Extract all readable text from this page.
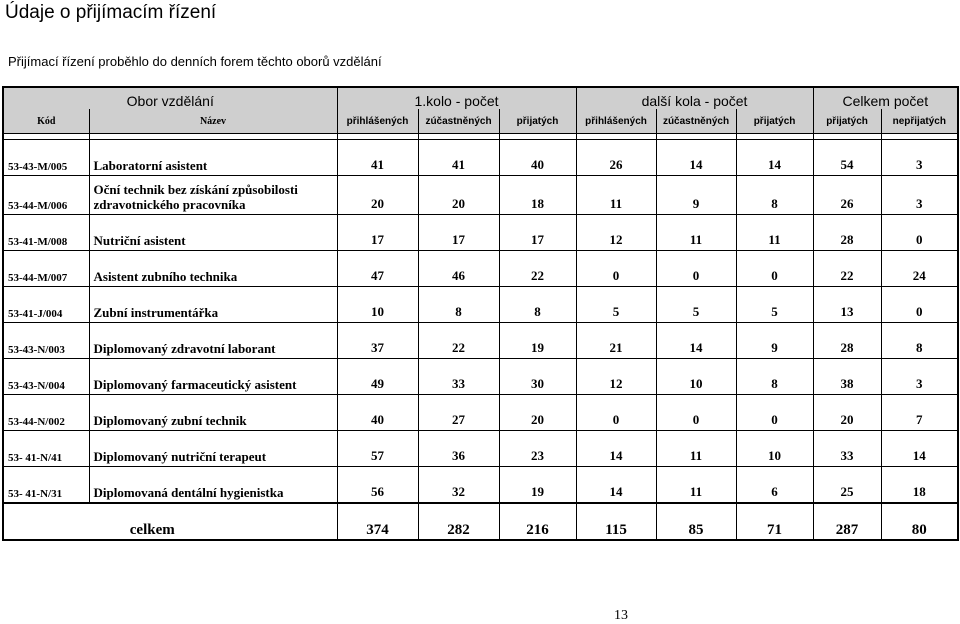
Údaje o přijímacím řízení
Přijímací řízení proběhlo do denních forem těchto oborů vzdělání
Obor vzdělání		1.kolo - počet			další kola - počet			Celkem počet	
Kód	Název	přihlášených	zúčastněných	přijatých	přihlášených	zúčastněných	přijatých	přijatých	nepřijatých

53-43-M/005	Laboratorní asistent	41	41	40	26	14	14	54	3
53-44-M/006	Oční technik bez získání způsobilosti zdravotnického pracovníka	20	20	18	11	9	8	26	3
53-41-M/008	Nutriční asistent	17	17	17	12	11	11	28	0
53-44-M/007	Asistent zubního technika	47	46	22	0	0	0	22	24
53-41-J/004	Zubní instrumentářka	10	8	8	5	5	5	13	0
53-43-N/003	Diplomovaný zdravotní laborant	37	22	19	21	14	9	28	8
53-43-N/004	Diplomovaný farmaceutický asistent	49	33	30	12	10	8	38	3
53-44-N/002	Diplomovaný zubní technik	40	27	20	0	0	0	20	7
53- 41-N/41	Diplomovaný nutriční terapeut	57	36	23	14	11	10	33	14
53- 41-N/31	Diplomovaná dentální hygienistka	56	32	19	14	11	6	25	18
celkem		374	282	216	115	85	71	287	80
13
